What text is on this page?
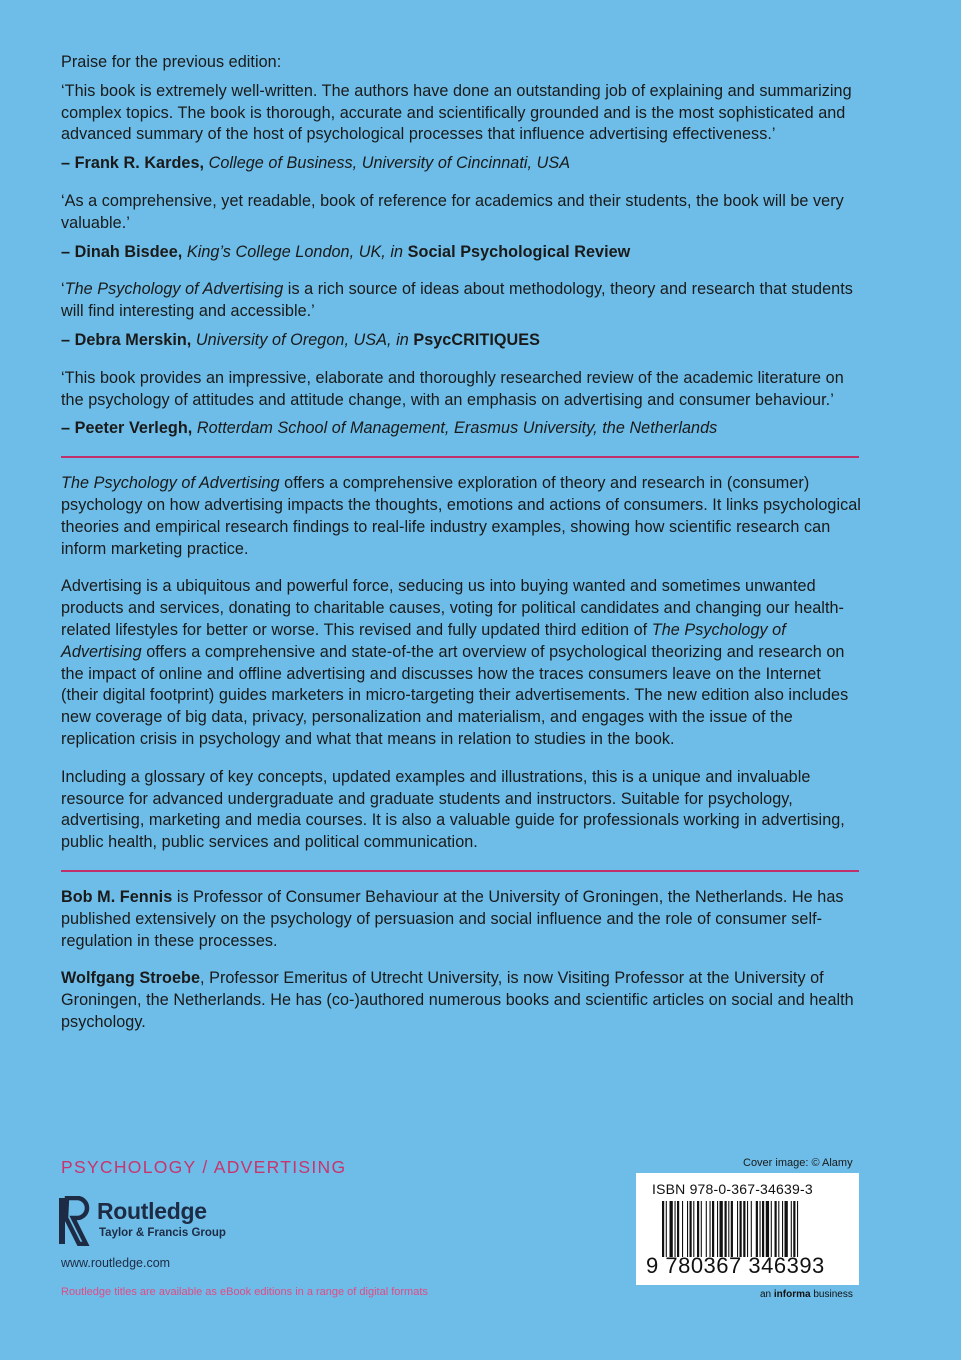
Praise for the previous edition:

‘This book is extremely well-written. The authors have done an outstanding job of explaining and summarizing complex topics. The book is thorough, accurate and scientifically grounded and is the most sophisticated and advanced summary of the host of psychological processes that influence advertising effectiveness.’

– Frank R. Kardes, College of Business, University of Cincinnati, USA

‘As a comprehensive, yet readable, book of reference for academics and their students, the book will be very valuable.’

– Dinah Bisdee, King’s College London, UK, in Social Psychological Review

‘The Psychology of Advertising is a rich source of ideas about methodology, theory and research that students will find interesting and accessible.’

– Debra Merskin, University of Oregon, USA, in PsycCRITIQUES

‘This book provides an impressive, elaborate and thoroughly researched review of the academic literature on the psychology of attitudes and attitude change, with an emphasis on advertising and consumer behaviour.’

– Peeter Verlegh, Rotterdam School of Management, Erasmus University, the Netherlands

The Psychology of Advertising offers a comprehensive exploration of theory and research in (consumer) psychology on how advertising impacts the thoughts, emotions and actions of consumers. It links psychological theories and empirical research findings to real-life industry examples, showing how scientific research can inform marketing practice.

Advertising is a ubiquitous and powerful force, seducing us into buying wanted and sometimes unwanted products and services, donating to charitable causes, voting for political candidates and changing our health-related lifestyles for better or worse. This revised and fully updated third edition of The Psychology of Advertising offers a comprehensive and state-of-the art overview of psychological theorizing and research on the impact of online and offline advertising and discusses how the traces consumers leave on the Internet (their digital footprint) guides marketers in micro-targeting their advertisements. The new edition also includes new coverage of big data, privacy, personalization and materialism, and engages with the issue of the replication crisis in psychology and what that means in relation to studies in the book.

Including a glossary of key concepts, updated examples and illustrations, this is a unique and invaluable resource for advanced undergraduate and graduate students and instructors. Suitable for psychology, advertising, marketing and media courses. It is also a valuable guide for professionals working in advertising, public health, public services and political communication.

Bob M. Fennis is Professor of Consumer Behaviour at the University of Groningen, the Netherlands. He has published extensively on the psychology of persuasion and social influence and the role of consumer self-regulation in these processes.

Wolfgang Stroebe, Professor Emeritus of Utrecht University, is now Visiting Professor at the University of Groningen, the Netherlands. He has (co-)authored numerous books and scientific articles on social and health psychology.

PSYCHOLOGY / ADVERTISING
Routledge
Taylor & Francis Group
www.routledge.com
Routledge titles are available as eBook editions in a range of digital formats
Cover image: © Alamy
ISBN 978-0-367-34639-3
9 780367 346393
an informa business
